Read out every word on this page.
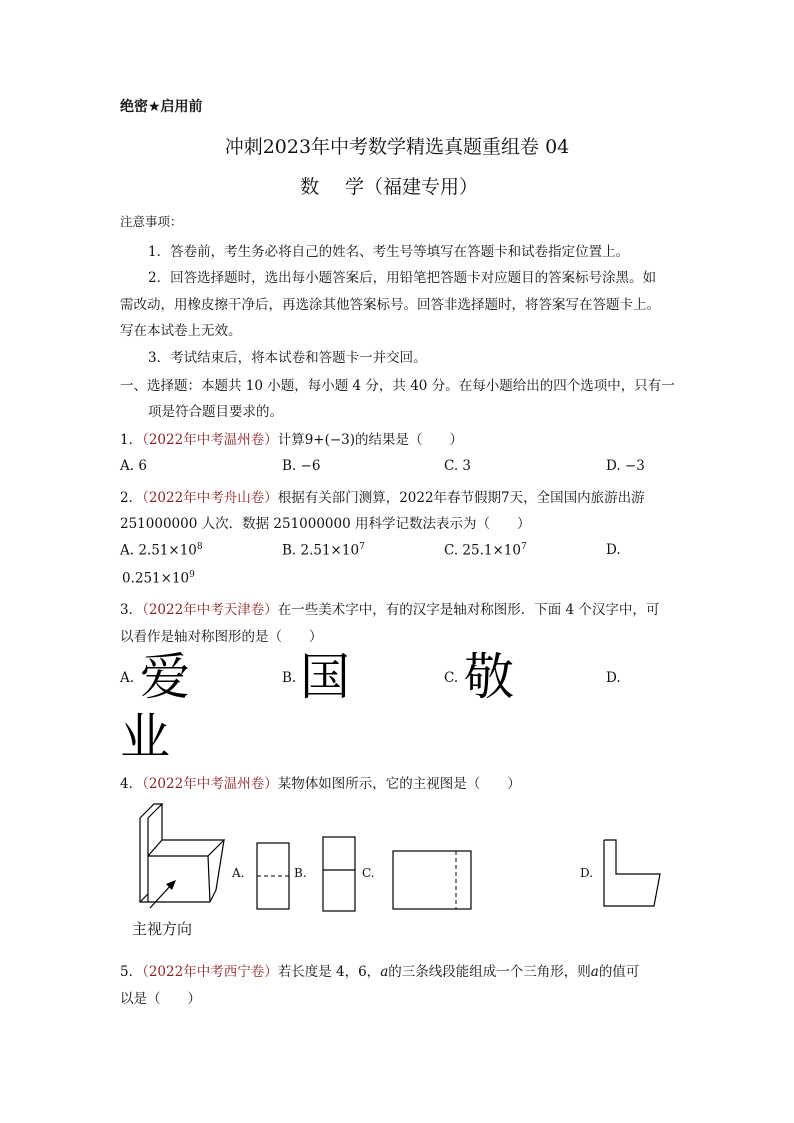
绝密★启用前
冲刺2023年中考数学精选真题重组卷 04
数 学（福建专用）
注意事项：
1．答卷前，考生务必将自己的姓名、考生号等填写在答题卡和试卷指定位置上。
2．回答选择题时，选出每小题答案后，用铅笔把答题卡对应题目的答案标号涂黑。如
需改动，用橡皮擦干净后，再选涂其他答案标号。回答非选择题时，将答案写在答题卡上。
写在本试卷上无效。
3．考试结束后，将本试卷和答题卡一并交回。
一、选择题：本题共 10 小题，每小题 4 分，共 40 分。在每小题给出的四个选项中，只有一
项是符合题目要求的。
1．（2022年中考温州卷）计算9+(−3)的结果是（　　）
A. 6	B. −6	C. 3	D. −3
2．（2022年中考舟山卷）根据有关部门测算，2022年春节假期7天，全国国内旅游出游
251000000 人次．数据 251000000 用科学记数法表示为（　　）
A. $2.51\times 10^8$	B. $2.51\times 10^7$	C. $25.1\times 10^7$	D.
$0.251\times 10^9$
3．（2022年中考天津卷）在一些美术字中，有的汉字是轴对称图形．下面 4 个汉字中，可
以看作是轴对称图形的是（　　）
A. 爱	B. 国	C. 敬	D.
业
4．（2022年中考温州卷）某物体如图所示，它的主视图是（　　）
主视方向
A.	B.	C.	D.
5．（2022年中考西宁卷）若长度是 4，6，a的三条线段能组成一个三角形，则a的值可
以是（　　）
